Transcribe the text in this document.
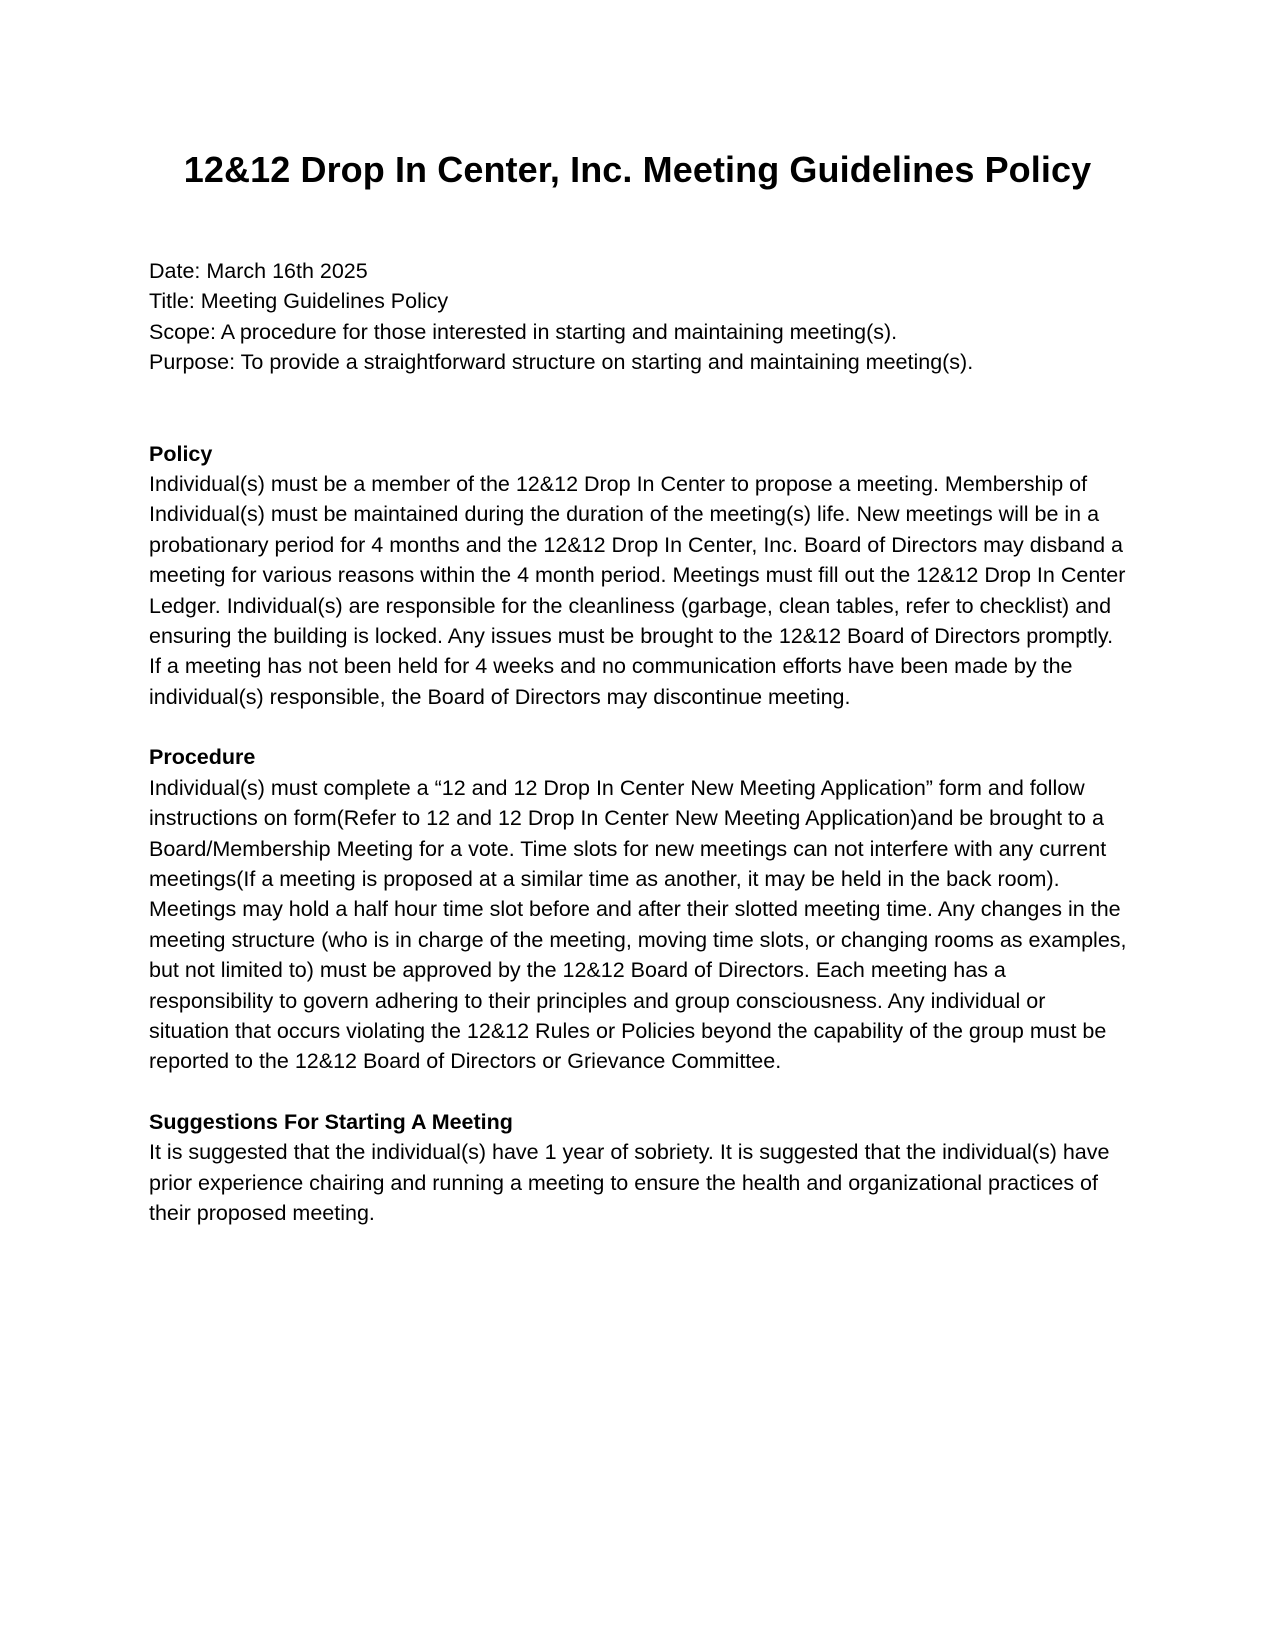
12&12 Drop In Center, Inc. Meeting Guidelines Policy

Date: March 16th 2025

Title: Meeting Guidelines Policy

Scope: A procedure for those interested in starting and maintaining meeting(s).

Purpose: To provide a straightforward structure on starting and maintaining meeting(s).

Policy

Individual(s) must be a member of the 12&12 Drop In Center to propose a meeting. Membership of Individual(s) must be maintained during the duration of the meeting(s) life. New meetings will be in a probationary period for 4 months and the 12&12 Drop In Center, Inc. Board of Directors may disband a meeting for various reasons within the 4 month period. Meetings must fill out the 12&12 Drop In Center Ledger. Individual(s) are responsible for the cleanliness (garbage, clean tables, refer to checklist) and ensuring the building is locked. Any issues must be brought to the 12&12 Board of Directors promptly. If a meeting has not been held for 4 weeks and no communication efforts have been made by the individual(s) responsible, the Board of Directors may discontinue meeting.

Procedure

Individual(s) must complete a “12 and 12 Drop In Center New Meeting Application” form and follow instructions on form(Refer to 12 and 12 Drop In Center New Meeting Application)and be brought to a Board/Membership Meeting for a vote. Time slots for new meetings can not interfere with any current meetings(If a meeting is proposed at a similar time as another, it may be held in the back room). Meetings may hold a half hour time slot before and after their slotted meeting time. Any changes in the meeting structure (who is in charge of the meeting, moving time slots, or changing rooms as examples, but not limited to) must be approved by the 12&12 Board of Directors. Each meeting has a responsibility to govern adhering to their principles and group consciousness. Any individual or situation that occurs violating the 12&12 Rules or Policies beyond the capability of the group must be reported to the 12&12 Board of Directors or Grievance Committee.

Suggestions For Starting A Meeting

It is suggested that the individual(s) have 1 year of sobriety. It is suggested that the individual(s) have prior experience chairing and running a meeting to ensure the health and organizational practices of their proposed meeting.
